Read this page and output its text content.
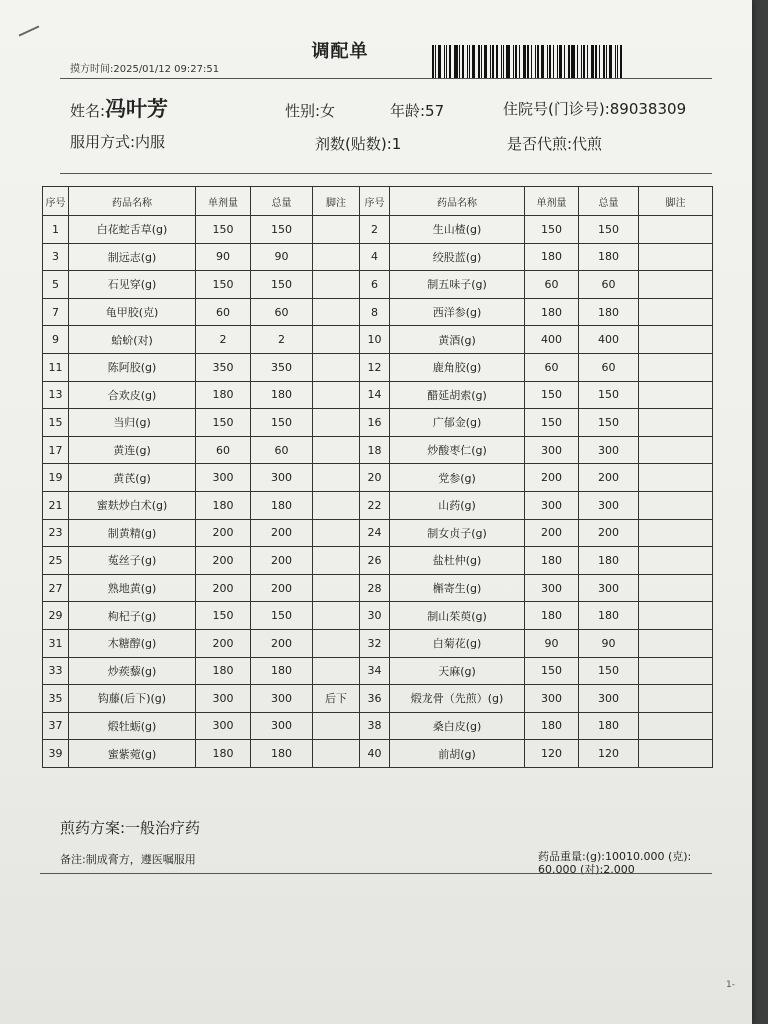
调配单
摸方时间:2025/01/12 09:27:51
姓名:冯叶芳	性别:女	年龄:57	住院号(门诊号):89038309
服用方式:内服	剂数(贴数):1	是否代煎:代煎
序号	药品名称	单剂量	总量	脚注	序号	药品名称	单剂量	总量	脚注
1	白花蛇舌草(g)	150	150		2	生山楂(g)	150	150	
3	制远志(g)	90	90		4	绞股蓝(g)	180	180	
5	石见穿(g)	150	150		6	制五味子(g)	60	60	
7	龟甲胶(克)	60	60		8	西洋参(g)	180	180	
9	蛤蚧(对)	2	2		10	黄酒(g)	400	400	
11	陈阿胶(g)	350	350		12	鹿角胶(g)	60	60	
13	合欢皮(g)	180	180		14	醋延胡索(g)	150	150	
15	当归(g)	150	150		16	广郁金(g)	150	150	
17	黄连(g)	60	60		18	炒酸枣仁(g)	300	300	
19	黄芪(g)	300	300		20	党参(g)	200	200	
21	蜜麸炒白术(g)	180	180		22	山药(g)	300	300	
23	制黄精(g)	200	200		24	制女贞子(g)	200	200	
25	菟丝子(g)	200	200		26	盐杜仲(g)	180	180	
27	熟地黄(g)	200	200		28	槲寄生(g)	300	300	
29	枸杞子(g)	150	150		30	制山茱萸(g)	180	180	
31	木糖醇(g)	200	200		32	白菊花(g)	90	90	
33	炒蒺藜(g)	180	180		34	天麻(g)	150	150	
35	钩藤(后下)(g)	300	300	后下	36	煅龙骨（先煎）(g)	300	300	
37	煅牡蛎(g)	300	300		38	桑白皮(g)	180	180	
39	蜜紫菀(g)	180	180		40	前胡(g)	120	120	
煎药方案:一般治疗药
备注:制成膏方，遵医嘱服用	药品重量:(g):10010.000 (克):
60.000 (对):2.000
1-
